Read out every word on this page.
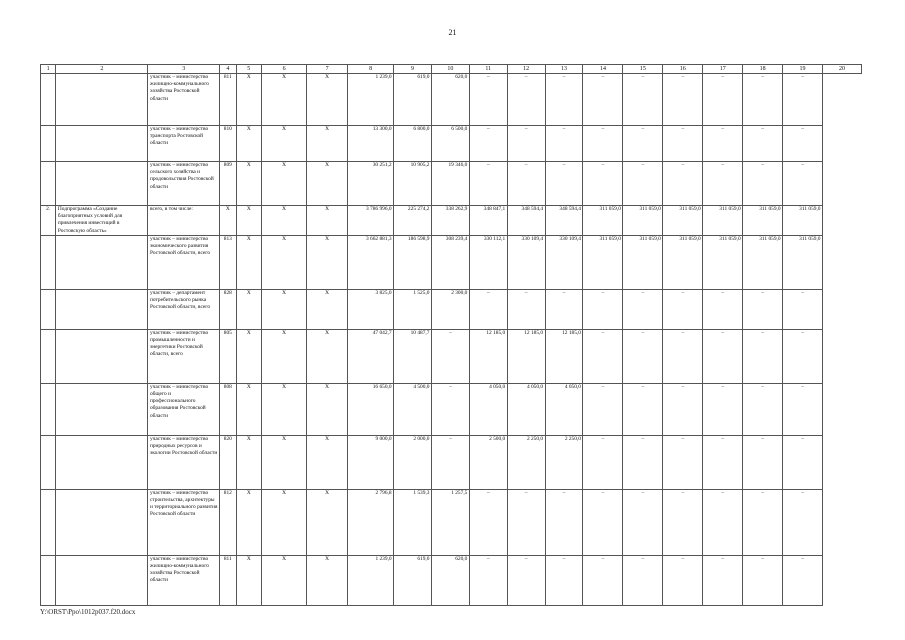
21
1	2	3	4	5	6	7	8	9	10	11	12	13	14	15	16	17	18	19	20
		участник – министерство жилищно-коммунального хозяйства Ростовской области	811	Х	Х	Х	1 239,0	619,0	620,0	–	–	–	–	–	–	–	–	–	
		участник – министерство транспорта Ростовской области	810	Х	Х	Х	13 300,0	6 800,0	6 500,0	–	–	–	–	–	–	–	–	–	
		участник – министерство сельского хозяйства и продовольствия Ростовской области	809	Х	Х	Х	30 251,2	10 905,2	19 346,0	–	–	–	–	–	–	–	–	–	
2.	Подпрограмма «Создание благоприятных условий для привлечения инвестиций в Ростовскую область»	всего, в том числе:	Х	Х	Х	Х	3 786 996,0	225 274,2	338 262,9	348 847,1	348 594,4	348 594,4	311 059,0	311 059,0	311 059,0	311 059,0	311 059,0	311 059,0	
		участник – министерство экономического развития Ростовской области, всего	813	Х	Х	Х	3 662 881,3	186 598,9	308 239,4	330 112,1	330 109,4	330 109,4	311 059,0	311 059,0	311 059,0	311 059,0	311 059,0	311 059,0	
		участник – департамент потребительского рынка Ростовской области, всего	828	Х	Х	Х	3 825,0	1 525,0	2 300,0	–	–	–	–	–	–	–	–	–	
		участник – министерство промышленности и энергетики Ростовской области, всего	805	Х	Х	Х	47 042,7	10 487,7	–	12 185,0	12 185,0	12 185,0	–	–	–	–	–	–	
		участник – министерство общего и профессионального образования Ростовской области	808	Х	Х	Х	16 650,0	4 500,0	–	4 050,0	4 050,0	4 050,0	–	–	–	–	–	–	
		участник – министерство природных ресурсов и экологии Ростовской области	820	Х	Х	Х	9 000,0	2 000,0	–	2 500,0	2 250,0	2 250,0	–	–	–	–	–	–	
		участник – министерство строительства, архитектуры и территориального развития Ростовской области	812	Х	Х	Х	2 796,8	1 539,3	1 257,5	–	–	–	–	–	–	–	–	–	
		участник – министерство жилищно-коммунального хозяйства Ростовской области	811	Х	Х	Х	1 239,0	619,0	620,0	–	–	–	–	–	–	–	–	–	
Y:\ORST\Ppo\1012p037.f20.docx
